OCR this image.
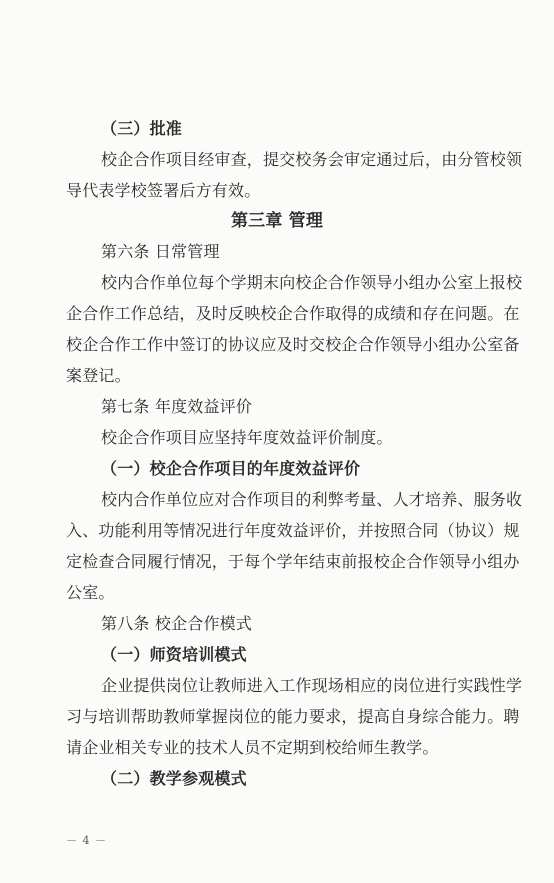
（三）批准
校企合作项目经审查，提交校务会审定通过后，由分管校领
导代表学校签署后方有效。
第三章 管理
第六条 日常管理
校内合作单位每个学期末向校企合作领导小组办公室上报校
企合作工作总结，及时反映校企合作取得的成绩和存在问题。在
校企合作工作中签订的协议应及时交校企合作领导小组办公室备
案登记。
第七条 年度效益评价
校企合作项目应坚持年度效益评价制度。
（一）校企合作项目的年度效益评价
校内合作单位应对合作项目的利弊考量、人才培养、服务收
入、功能利用等情况进行年度效益评价，并按照合同（协议）规
定检查合同履行情况，于每个学年结束前报校企合作领导小组办
公室。
第八条 校企合作模式
（一）师资培训模式
企业提供岗位让教师进入工作现场相应的岗位进行实践性学
习与培训帮助教师掌握岗位的能力要求，提高自身综合能力。聘
请企业相关专业的技术人员不定期到校给师生教学。
（二）教学参观模式
－ 4 －
